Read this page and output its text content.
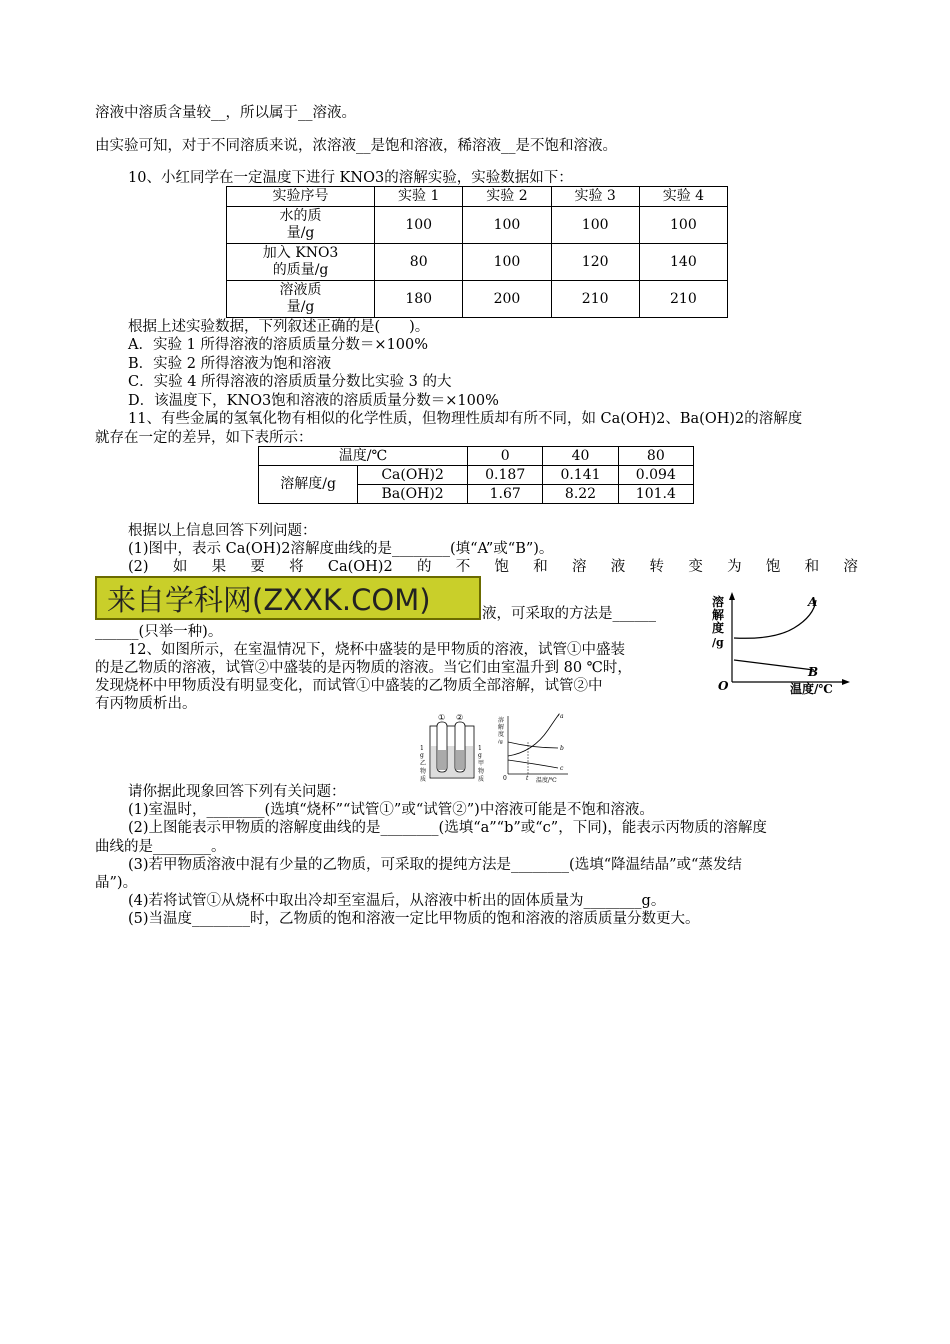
溶液中溶质含量较__，所以属于__溶液。
由实验可知，对于不同溶质来说，浓溶液__是饱和溶液，稀溶液__是不饱和溶液。
10、小红同学在一定温度下进行 KNO3的溶解实验，实验数据如下：
实验序号	实验 1	实验 2	实验 3	实验 4
水的质
量/g	100	100	100	100
加入 KNO3
的质量/g	80	100	120	140
溶液质
量/g	180	200	210	210
根据上述实验数据，下列叙述正确的是(　　)。
A．实验 1 所得溶液的溶质质量分数＝×100%
B．实验 2 所得溶液为饱和溶液
C．实验 4 所得溶液的溶质质量分数比实验 3 的大
D．该温度下，KNO3饱和溶液的溶质质量分数＝×100%
11、有些金属的氢氧化物有相似的化学性质，但物理性质却有所不同，如 Ca(OH)2、Ba(OH)2的溶解度
就存在一定的差异，如下表所示：
温度/℃		0	40	80
溶解度/g	Ca(OH)2	0.187	0.141	0.094
	Ba(OH)2	1.67	8.22	101.4
根据以上信息回答下列问题：
(1)图中，表示 Ca(OH)2溶解度曲线的是________(填“A”或“B”)。
(2) 如 果 要 将 Ca(OH)2 的 不 饱 和 溶 液 转 变 为 饱 和 溶
来自学科网(ZXXK.COM)	液，可采取的方法是______
______(只举一种)。
溶
解
度
/g
O	温度/℃
A
B
12、如图所示，在室温情况下，烧杯中盛装的是甲物质的溶液，试管①中盛装
的是乙物质的溶液，试管②中盛装的是丙物质的溶液。当它们由室温升到 80 ℃时，
发现烧杯中甲物质没有明显变化，而试管①中盛装的乙物质全部溶解，试管②中
有丙物质析出。
1
g
乙
物
质
① ②
1
g
甲
物
质
溶
解
度
/g
a
b
c
0	t 温度/℃
请你据此现象回答下列有关问题：
(1)室温时，________(选填“烧杯”“试管①”或“试管②”)中溶液可能是不饱和溶液。
(2)上图能表示甲物质的溶解度曲线的是________(选填“a”“b”或“c”，下同)，能表示丙物质的溶解度
曲线的是________。
(3)若甲物质溶液中混有少量的乙物质，可采取的提纯方法是________(选填“降温结晶”或“蒸发结
晶”)。
(4)若将试管①从烧杯中取出冷却至室温后，从溶液中析出的固体质量为________g。
(5)当温度________时，乙物质的饱和溶液一定比甲物质的饱和溶液的溶质质量分数更大。
